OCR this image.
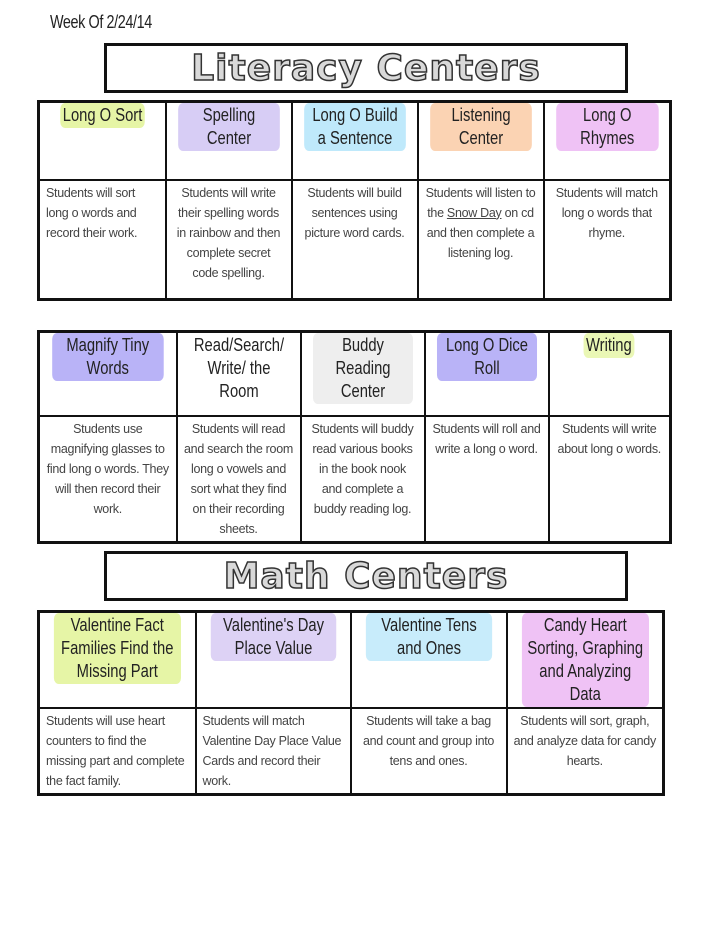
Week Of 2/24/14
Literacy Centers
Long O Sort	Spelling Center	Long O Build a Sentence	Listening Center	Long O Rhymes

Students will sort long o words and record their work.	Students will write their spelling words in rainbow and then complete secret code spelling.	Students will build sentences using picture word cards.	Students will listen to the Snow Day on cd and then complete a listening log.	Students will match long o words that rhyme.
Magnify Tiny Words	Read/Search/ Write/ the Room	Buddy Reading Center	Long O Dice Roll	Writing

Students use magnifying glasses to find long o words. They will then record their work.	Students will read and search the room long o vowels and sort what they find on their recording sheets.	Students will buddy read various books in the book nook and complete a buddy reading log.	Students will roll and write a long o word.	Students will write about long o words.
Math Centers
Valentine Fact Families Find the Missing Part	Valentine's Day Place Value	Valentine Tens and Ones	Candy Heart Sorting, Graphing and Analyzing Data

Students will use heart counters to find the missing part and complete the fact family.	Students will match Valentine Day Place Value Cards and record their work.	Students will take a bag and count and group into tens and ones.	Students will sort, graph, and analyze data for candy hearts.
